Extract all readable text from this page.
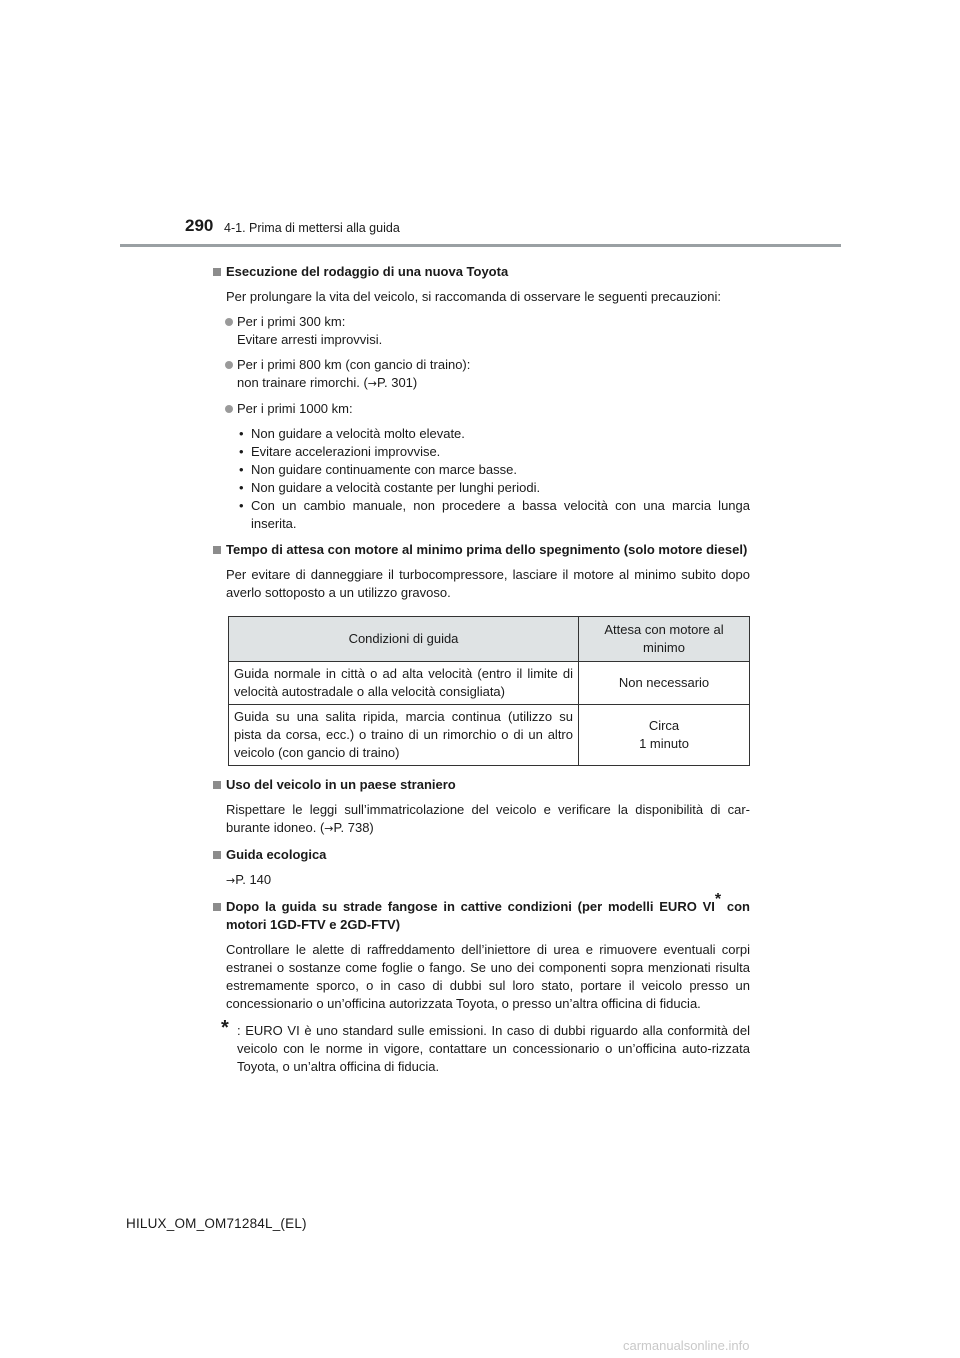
290 4-1. Prima di mettersi alla guida
Esecuzione del rodaggio di una nuova Toyota
Per prolungare la vita del veicolo, si raccomanda di osservare le seguenti precauzioni:
Per i primi 300 km:
Evitare arresti improvvisi.
Per i primi 800 km (con gancio di traino):
non trainare rimorchi. (→P. 301)
Per i primi 1000 km:
• Non guidare a velocità molto elevate.
• Evitare accelerazioni improvvise.
• Non guidare continuamente con marce basse.
• Non guidare a velocità costante per lunghi periodi.
• Con un cambio manuale, non procedere a bassa velocità con una marcia lunga inserita.
Tempo di attesa con motore al minimo prima dello spegnimento (solo motore diesel)
Per evitare di danneggiare il turbocompressore, lasciare il motore al minimo subito dopo averlo sottoposto a un utilizzo gravoso.
Condizioni di guida	Attesa con motore al
minimo
Guida normale in città o ad alta velocità (entro il limite di velocità autostradale o alla velocità consigliata)	Non necessario
Guida su una salita ripida, marcia continua (utilizzo su pista da corsa, ecc.) o traino di un rimorchio o di un altro veicolo (con gancio di traino)	Circa
1 minuto
Uso del veicolo in un paese straniero
Rispettare le leggi sull’immatricolazione del veicolo e verificare la disponibilità di car-burante idoneo. (→P. 738)
Guida ecologica
→P. 140
Dopo la guida su strade fangose in cattive condizioni (per modelli EURO VI* con motori 1GD-FTV e 2GD-FTV)
Controllare le alette di raffreddamento dell’iniettore di urea e rimuovere eventuali corpi estranei o sostanze come foglie o fango. Se uno dei componenti sopra menzionati risulta estremamente sporco, o in caso di dubbi sul loro stato, portare il veicolo presso un concessionario o un’officina autorizzata Toyota, o presso un’altra officina di fiducia.
* : EURO VI è uno standard sulle emissioni. In caso di dubbi riguardo alla conformità del veicolo con le norme in vigore, contattare un concessionario o un’officina auto-rizzata Toyota, o un’altra officina di fiducia.
HILUX_OM_OM71284L_(EL)
carmanualsonline.info
